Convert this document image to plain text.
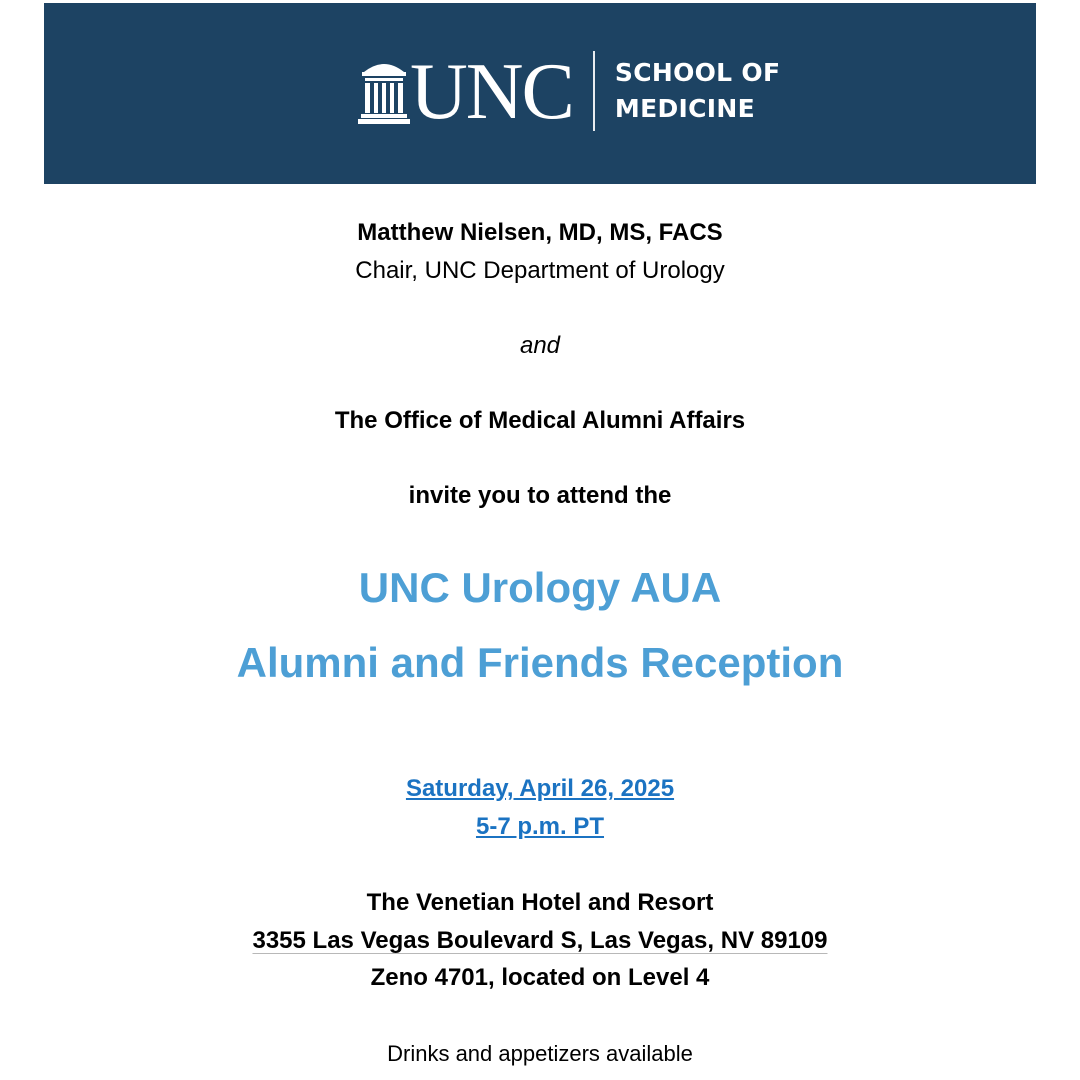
UNC SCHOOL OF
MEDICINE
Matthew Nielsen, MD, MS, FACS
Chair, UNC Department of Urology
and
The Office of Medical Alumni Affairs
invite you to attend the
UNC Urology AUA
Alumni and Friends Reception
Saturday, April 26, 2025
5-7 p.m. PT
The Venetian Hotel and Resort
3355 Las Vegas Boulevard S, Las Vegas, NV 89109
Zeno 4701, located on Level 4
Drinks and appetizers available
